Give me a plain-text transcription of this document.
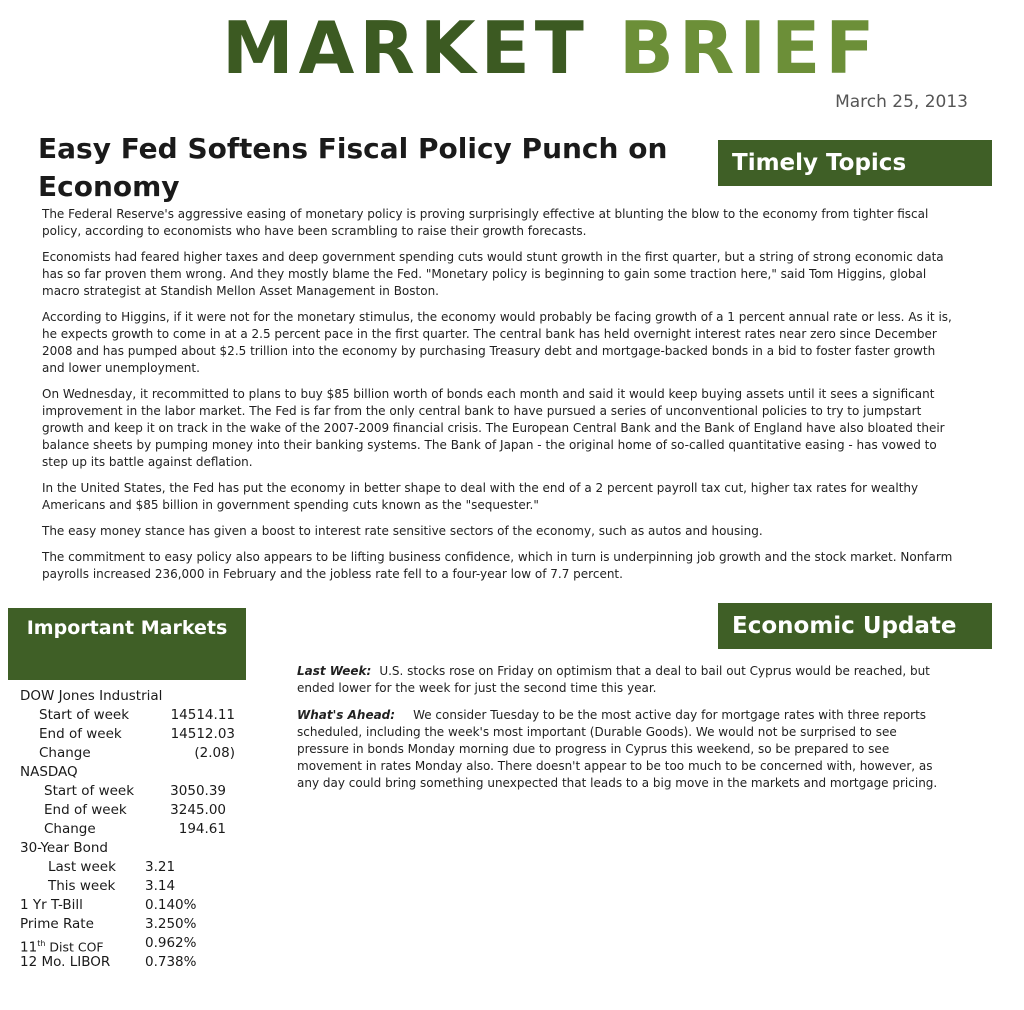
MARKET BRIEF
March 25, 2013
Easy Fed Softens Fiscal Policy Punch on Economy
Timely Topics
Economic Update
Important Markets

The Federal Reserve's aggressive easing of monetary policy is proving surprisingly effective at blunting the blow to the economy from tighter fiscal policy, according to economists who have been scrambling to raise their growth forecasts.

Economists had feared higher taxes and deep government spending cuts would stunt growth in the first quarter, but a string of strong economic data has so far proven them wrong. And they mostly blame the Fed. "Monetary policy is beginning to gain some traction here," said Tom Higgins, global macro strategist at Standish Mellon Asset Management in Boston.

According to Higgins, if it were not for the monetary stimulus, the economy would probably be facing growth of a 1 percent annual rate or less. As it is, he expects growth to come in at a 2.5 percent pace in the first quarter. The central bank has held overnight interest rates near zero since December 2008 and has pumped about $2.5 trillion into the economy by purchasing Treasury debt and mortgage-backed bonds in a bid to foster faster growth and lower unemployment.

On Wednesday, it recommitted to plans to buy $85 billion worth of bonds each month and said it would keep buying assets until it sees a significant improvement in the labor market. The Fed is far from the only central bank to have pursued a series of unconventional policies to try to jumpstart growth and keep it on track in the wake of the 2007-2009 financial crisis. The European Central Bank and the Bank of England have also bloated their balance sheets by pumping money into their banking systems. The Bank of Japan - the original home of so-called quantitative easing - has vowed to step up its battle against deflation.

In the United States, the Fed has put the economy in better shape to deal with the end of a 2 percent payroll tax cut, higher tax rates for wealthy Americans and $85 billion in government spending cuts known as the "sequester."

The easy money stance has given a boost to interest rate sensitive sectors of the economy, such as autos and housing.

The commitment to easy policy also appears to be lifting business confidence, which in turn is underpinning job growth and the stock market. Nonfarm payrolls increased 236,000 in February and the jobless rate fell to a four-year low of 7.7 percent.

DOW Jones Industrial
Start of week	14514.11
End of week	14512.03
Change	(2.08)
NASDAQ
Start of week	3050.39
End of week	3245.00
Change	194.61
30-Year Bond
Last week	3.21
This week	3.14
1 Yr T-Bill	0.140%
Prime Rate	3.250%
11th Dist COF	0.962%
12 Mo. LIBOR	0.738%

Last Week: U.S. stocks rose on Friday on optimism that a deal to bail out Cyprus would be reached, but ended lower for the week for just the second time this year.

What's Ahead: We consider Tuesday to be the most active day for mortgage rates with three reports scheduled, including the week's most important (Durable Goods). We would not be surprised to see pressure in bonds Monday morning due to progress in Cyprus this weekend, so be prepared to see movement in rates Monday also. There doesn't appear to be too much to be concerned with, however, as any day could bring something unexpected that leads to a big move in the markets and mortgage pricing.
